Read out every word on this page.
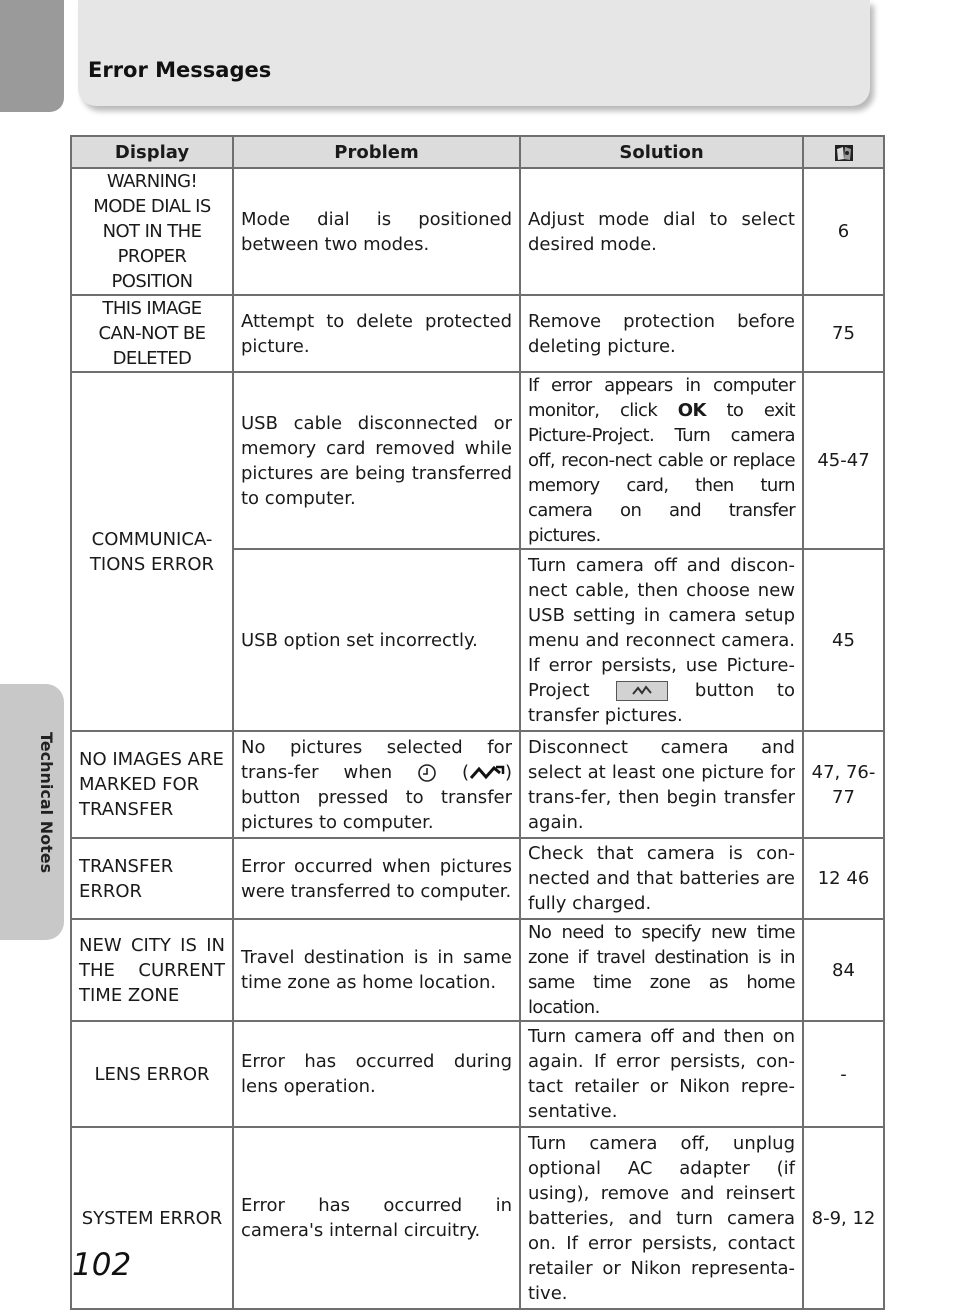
Error Messages
Technical Notes
Display	Problem	Solution	
WARNING! MODE DIAL IS NOT IN THE PROPER POSITION	Mode dial is positioned between two modes.	Adjust mode dial to select desired mode.	6
THIS IMAGE CAN-NOT BE DELETED	Attempt to delete protected picture.	Remove protection before deleting picture.	75
COMMUNICA-TIONS ERROR	USB cable disconnected or memory card removed while pictures are being transferred to computer.	If error appears in computer monitor, click OK to exit Picture-Project. Turn camera off, recon-nect cable or replace memory card, then turn camera on and transfer pictures.	45-47
	USB option set incorrectly.	Turn camera off and discon-nect cable, then choose new USB setting in camera setup menu and reconnect camera. If error persists, use Picture-Project button to transfer pictures.	45
NO IMAGES ARE MARKED FOR TRANSFER	No pictures selected for trans-fer when  ( ) button pressed to transfer pictures to computer.	Disconnect camera and select at least one picture for trans-fer, then begin transfer again.	47, 76-77
TRANSFER ERROR	Error occurred when pictures were transferred to computer.	Check that camera is con-nected and that batteries are fully charged.	12 46
NEW CITY IS IN THE CURRENT TIME ZONE	Travel destination is in same time zone as home location.	No need to specify new time zone if travel destination is in same time zone as home location.	84
LENS ERROR	Error has occurred during lens operation.	Turn camera off and then on again. If error persists, con-tact retailer or Nikon repre-sentative.	-
SYSTEM ERROR	Error has occurred in camera's internal circuitry.	Turn camera off, unplug optional AC adapter (if using), remove and reinsert batteries, and turn camera on. If error persists, contact retailer or Nikon representa-tive.	8-9, 12
102
